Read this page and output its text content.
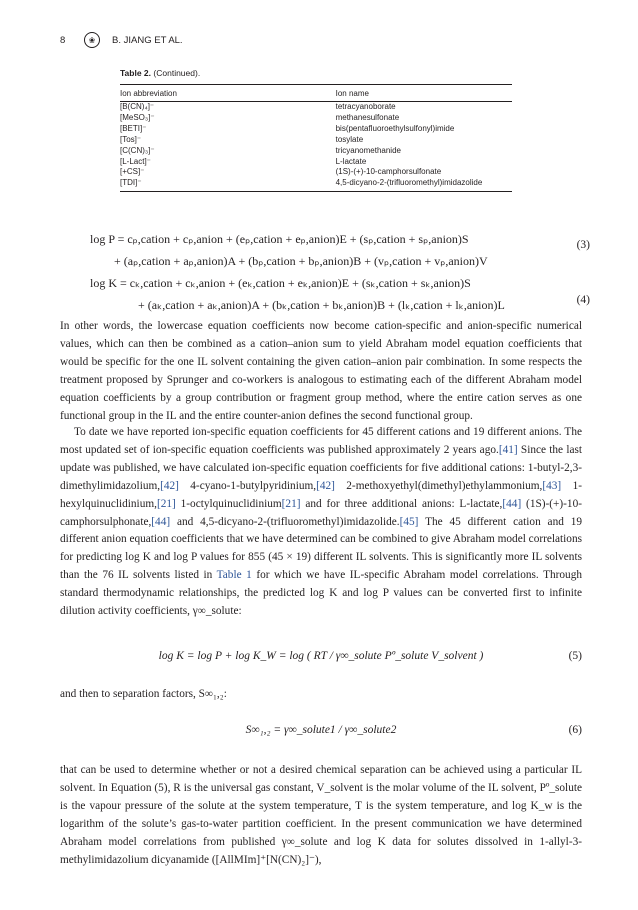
8	❀	B. JIANG ET AL.
Table 2. (Continued).
Ion abbreviation	Ion name
[B(CN)₄]⁻	tetracyanoborate
[MeSO₃]⁻	methanesulfonate
[BETI]⁻	bis(pentafluoroethylsulfonyl)imide
[Tos]⁻	tosylate
[C(CN)₃]⁻	tricyanomethanide
[L-Lact]⁻	L-lactate
[+CS]⁻	(1S)-(+)-10-camphorsulfonate
[TDI]⁻	4,5-dicyano-2-(trifluoromethyl)imidazolide
log P = cₚ,cation + cₚ,anion + (eₚ,cation + eₚ,anion)E + (sₚ,cation + sₚ,anion)S
+ (aₚ,cation + aₚ,anion)A + (bₚ,cation + bₚ,anion)B + (vₚ,cation + vₚ,anion)V
(3)
log K = cₖ,cation + cₖ,anion + (eₖ,cation + eₖ,anion)E + (sₖ,cation + sₖ,anion)S
+ (aₖ,cation + aₖ,anion)A + (bₖ,cation + bₖ,anion)B + (lₖ,cation + lₖ,anion)L	(4)

In other words, the lowercase equation coefficients now become cation-specific and anion-specific numerical values, which can then be combined as a cation–anion sum to yield Abraham model equation coefficients that would be specific for the one IL solvent containing the given cation–anion pair combination. In some respects the treatment proposed by Sprunger and co-workers is analogous to estimating each of the different Abraham model equation coefficients by a group contribution or fragment group method, where the entire cation serves as one functional group in the IL and the entire counter-anion defines the second functional group.

To date we have reported ion-specific equation coefficients for 45 different cations and 19 different anions. The most updated set of ion-specific equation coefficients was published approximately 2 years ago.[41] Since the last update was published, we have calculated ion-specific equation coefficients for five additional cations: 1-butyl-2,3-dimethylimidazolium,[42] 4-cyano-1-butylpyridinium,[42] 2-methoxyethyl(dimethyl)ethylammonium,[43] 1-hexylquinuclidinium,[21] 1-octylquinuclidinium[21] and for three additional anions: L-lactate,[44] (1S)-(+)-10-camphorsulphonate,[44] and 4,5-dicyano-2-(trifluoromethyl)imidazolide.[45] The 45 different cation and 19 different anion equation coefficients that we have determined can be combined to give Abraham model correlations for predicting log K and log P values for 855 (45 × 19) different IL solvents. This is significantly more IL solvents than the 76 IL solvents listed in Table 1 for which we have IL-specific Abraham model correlations. Through standard thermodynamic relationships, the predicted log K and log P values can be converted first to infinite dilution activity coefficients, γ∞_solute:

log K = log P + log K_W = log ( RT / γ∞_solute Pº_solute V_solvent )	(5)

and then to separation factors, S∞₁,₂:

S∞₁,₂ = γ∞_solute1 / γ∞_solute2	(6)

that can be used to determine whether or not a desired chemical separation can be achieved using a particular IL solvent. In Equation (5), R is the universal gas constant, V_solvent is the molar volume of the IL solvent, Pº_solute is the vapour pressure of the solute at the system temperature, T is the system temperature, and log K_w is the logarithm of the solute’s gas-to-water partition coefficient. In the present communication we have determined Abraham model correlations from published γ∞_solute and log K data for solutes dissolved in 1-allyl-3-methylimidazolium dicyanamide ([AllMIm]⁺[N(CN)₂]⁻),
